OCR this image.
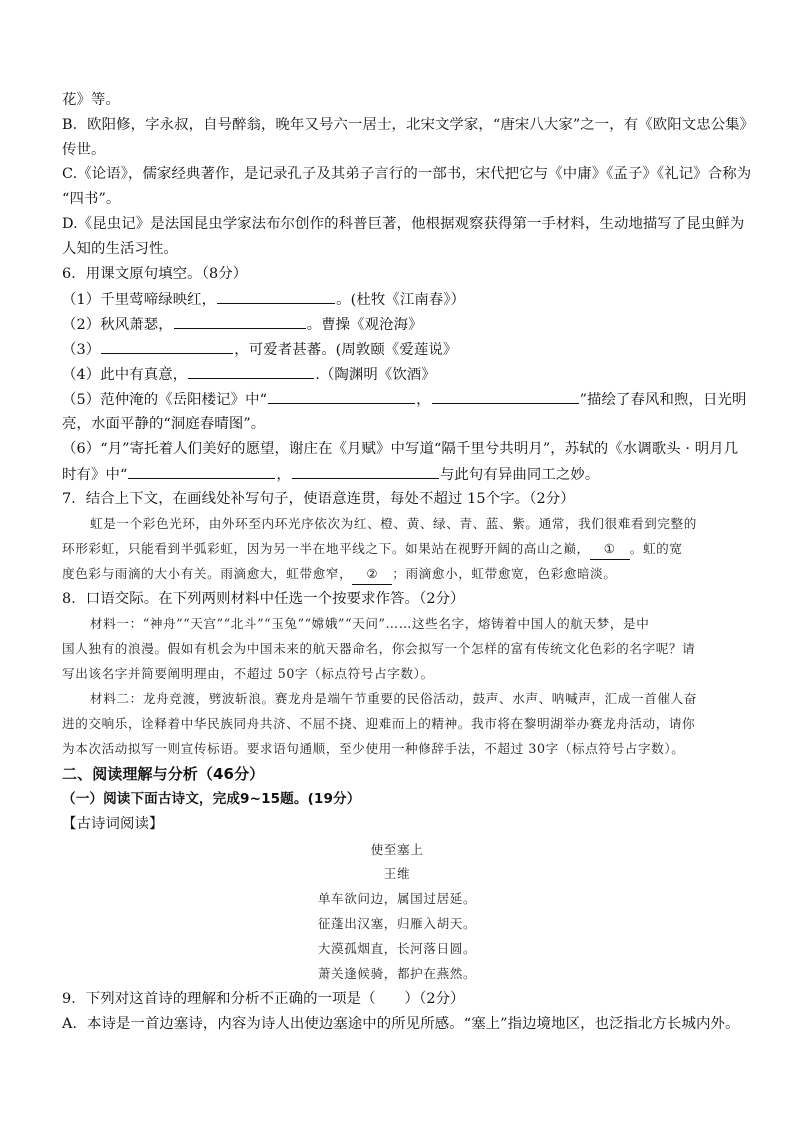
花》等。
B．欧阳修，字永叔，自号醉翁，晚年又号六一居士，北宋文学家，“唐宋八大家”之一，有《欧阳文忠公集》
传世。
C.《论语》，儒家经典著作，是记录孔子及其弟子言行的一部书，宋代把它与《中庸》《孟子》《礼记》合称为
“四书”。
D.《昆虫记》是法国昆虫学家法布尔创作的科普巨著，他根据观察获得第一手材料，生动地描写了昆虫鲜为
人知的生活习性。
6．用课文原句填空。（8分）
（1）千里莺啼绿映红，	。(杜牧《江南春》）
（2）秋风萧瑟，	。曹操《观沧海》
（3）	，可爱者甚蕃。(周敦颐《爱莲说》
（4）此中有真意，	.（陶渊明《饮酒》
（5）范仲淹的《岳阳楼记》中“	，	”描绘了春风和煦，日光明
亮，水面平静的“洞庭春晴图”。
（6）“月”寄托着人们美好的愿望，谢庄在《月赋》中写道“隔千里兮共明月”，苏轼的《水调歌头 · 明月几
时有》中“	，	与此句有异曲同工之妙。
7．结合上下文，在画线处补写句子，使语意连贯，每处不超过 15个字。（2分）
虹是一个彩色光环，由外环至内环光序依次为红、橙、黄、绿、青、蓝、紫。通常，我们很难看到完整的
环形彩虹，只能看到半弧彩虹，因为另一半在地平线之下。如果站在视野开阔的高山之巅， ① 。虹的宽
度色彩与雨滴的大小有关。雨滴愈大，虹带愈窄， ② ；雨滴愈小，虹带愈宽，色彩愈暗淡。
8．口语交际。在下列两则材料中任选一个按要求作答。（2分）
材料一：“神舟”“天宫”“北斗”“玉兔”“嫦娥”“天问”……这些名字，熔铸着中国人的航天梦，是中
国人独有的浪漫。假如有机会为中国未来的航天器命名，你会拟写一个怎样的富有传统文化色彩的名字呢？请
写出该名字并简要阐明理由，不超过 50字（标点符号占字数）。
材料二：龙舟竞渡，劈波斩浪。赛龙舟是端午节重要的民俗活动，鼓声、水声、呐喊声，汇成一首催人奋
进的交响乐，诠释着中华民族同舟共济、不屈不挠、迎难而上的精神。我市将在黎明湖举办赛龙舟活动，请你
为本次活动拟写一则宣传标语。要求语句通顺，至少使用一种修辞手法，不超过 30字（标点符号占字数）。
二、阅读理解与分析（46分）
（一）阅读下面古诗文，完成9~15题。(19分）
【古诗词阅读】
使至塞上
王维
单车欲问边，属国过居延。
征蓬出汉塞，归雁入胡天。
大漠孤烟直，长河落日圆。
萧关逢候骑，都护在燕然。
9．下列对这首诗的理解和分析不正确的一项是（　　）（2分）
A．本诗是一首边塞诗，内容为诗人出使边塞途中的所见所感。“塞上”指边境地区，也泛指北方长城内外。
